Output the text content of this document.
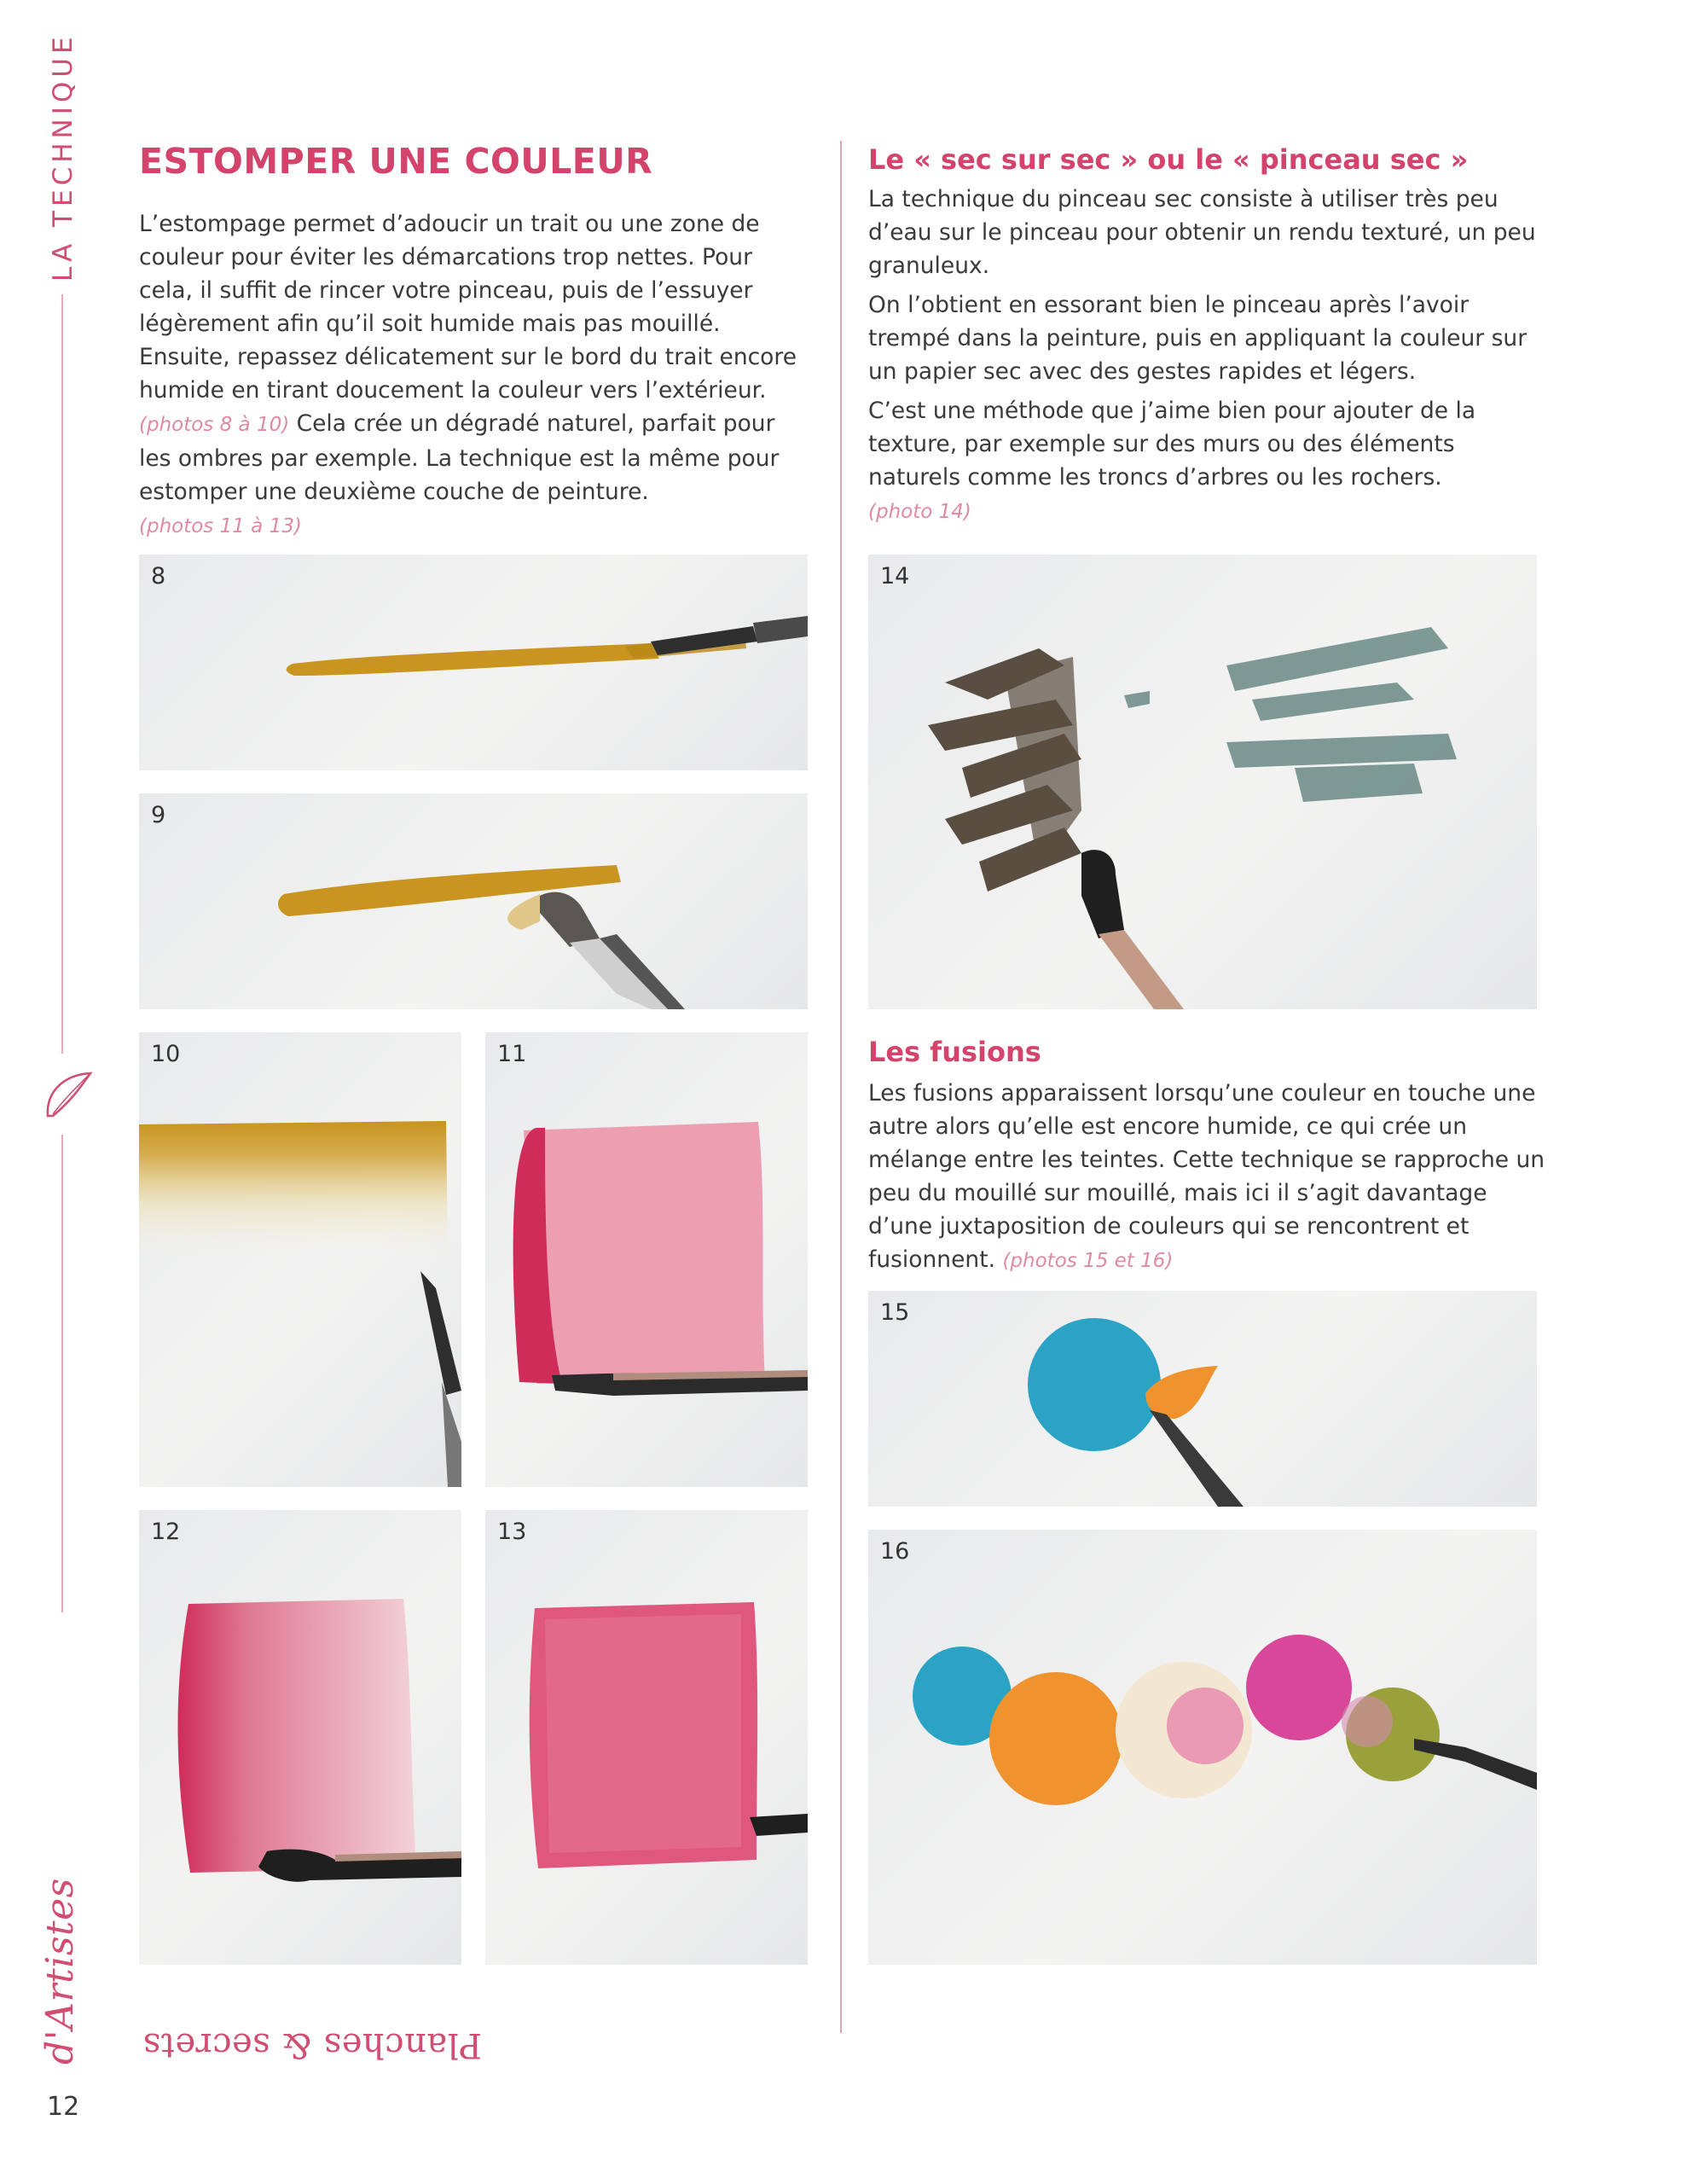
LA TECHNIQUE
Planches & secrets
d'Artistes
12
ESTOMPER UNE COULEUR

L’estompage permet d’adoucir un trait ou une zone de couleur pour éviter les démarcations trop nettes. Pour cela, il suffit de rincer votre pinceau, puis de l’essuyer légèrement afin qu’il soit humide mais pas mouillé. Ensuite, repassez délicatement sur le bord du trait encore humide en tirant doucement la couleur vers l’extérieur.
(photos 8 à 10) Cela crée un dégradé naturel, parfait pour les ombres par exemple. La technique est la même pour estomper une deuxième couche de peinture.
(photos 11 à 13)

Le « sec sur sec » ou le « pinceau sec »

La technique du pinceau sec consiste à utiliser très peu d’eau sur le pinceau pour obtenir un rendu texturé, un peu granuleux.

On l’obtient en essorant bien le pinceau après l’avoir trempé dans la peinture, puis en appliquant la couleur sur un papier sec avec des gestes rapides et légers.

C’est une méthode que j’aime bien pour ajouter de la texture, par exemple sur des murs ou des éléments naturels comme les troncs d’arbres ou les rochers.
(photo 14)

Les fusions

Les fusions apparaissent lorsqu’une couleur en touche une autre alors qu’elle est encore humide, ce qui crée un mélange entre les teintes. Cette technique se rapproche un peu du mouillé sur mouillé, mais ici il s’agit davantage d’une juxtaposition de couleurs qui se rencontrent et fusionnent. (photos 15 et 16)

8
9
10	11
12	13
14
15
16
